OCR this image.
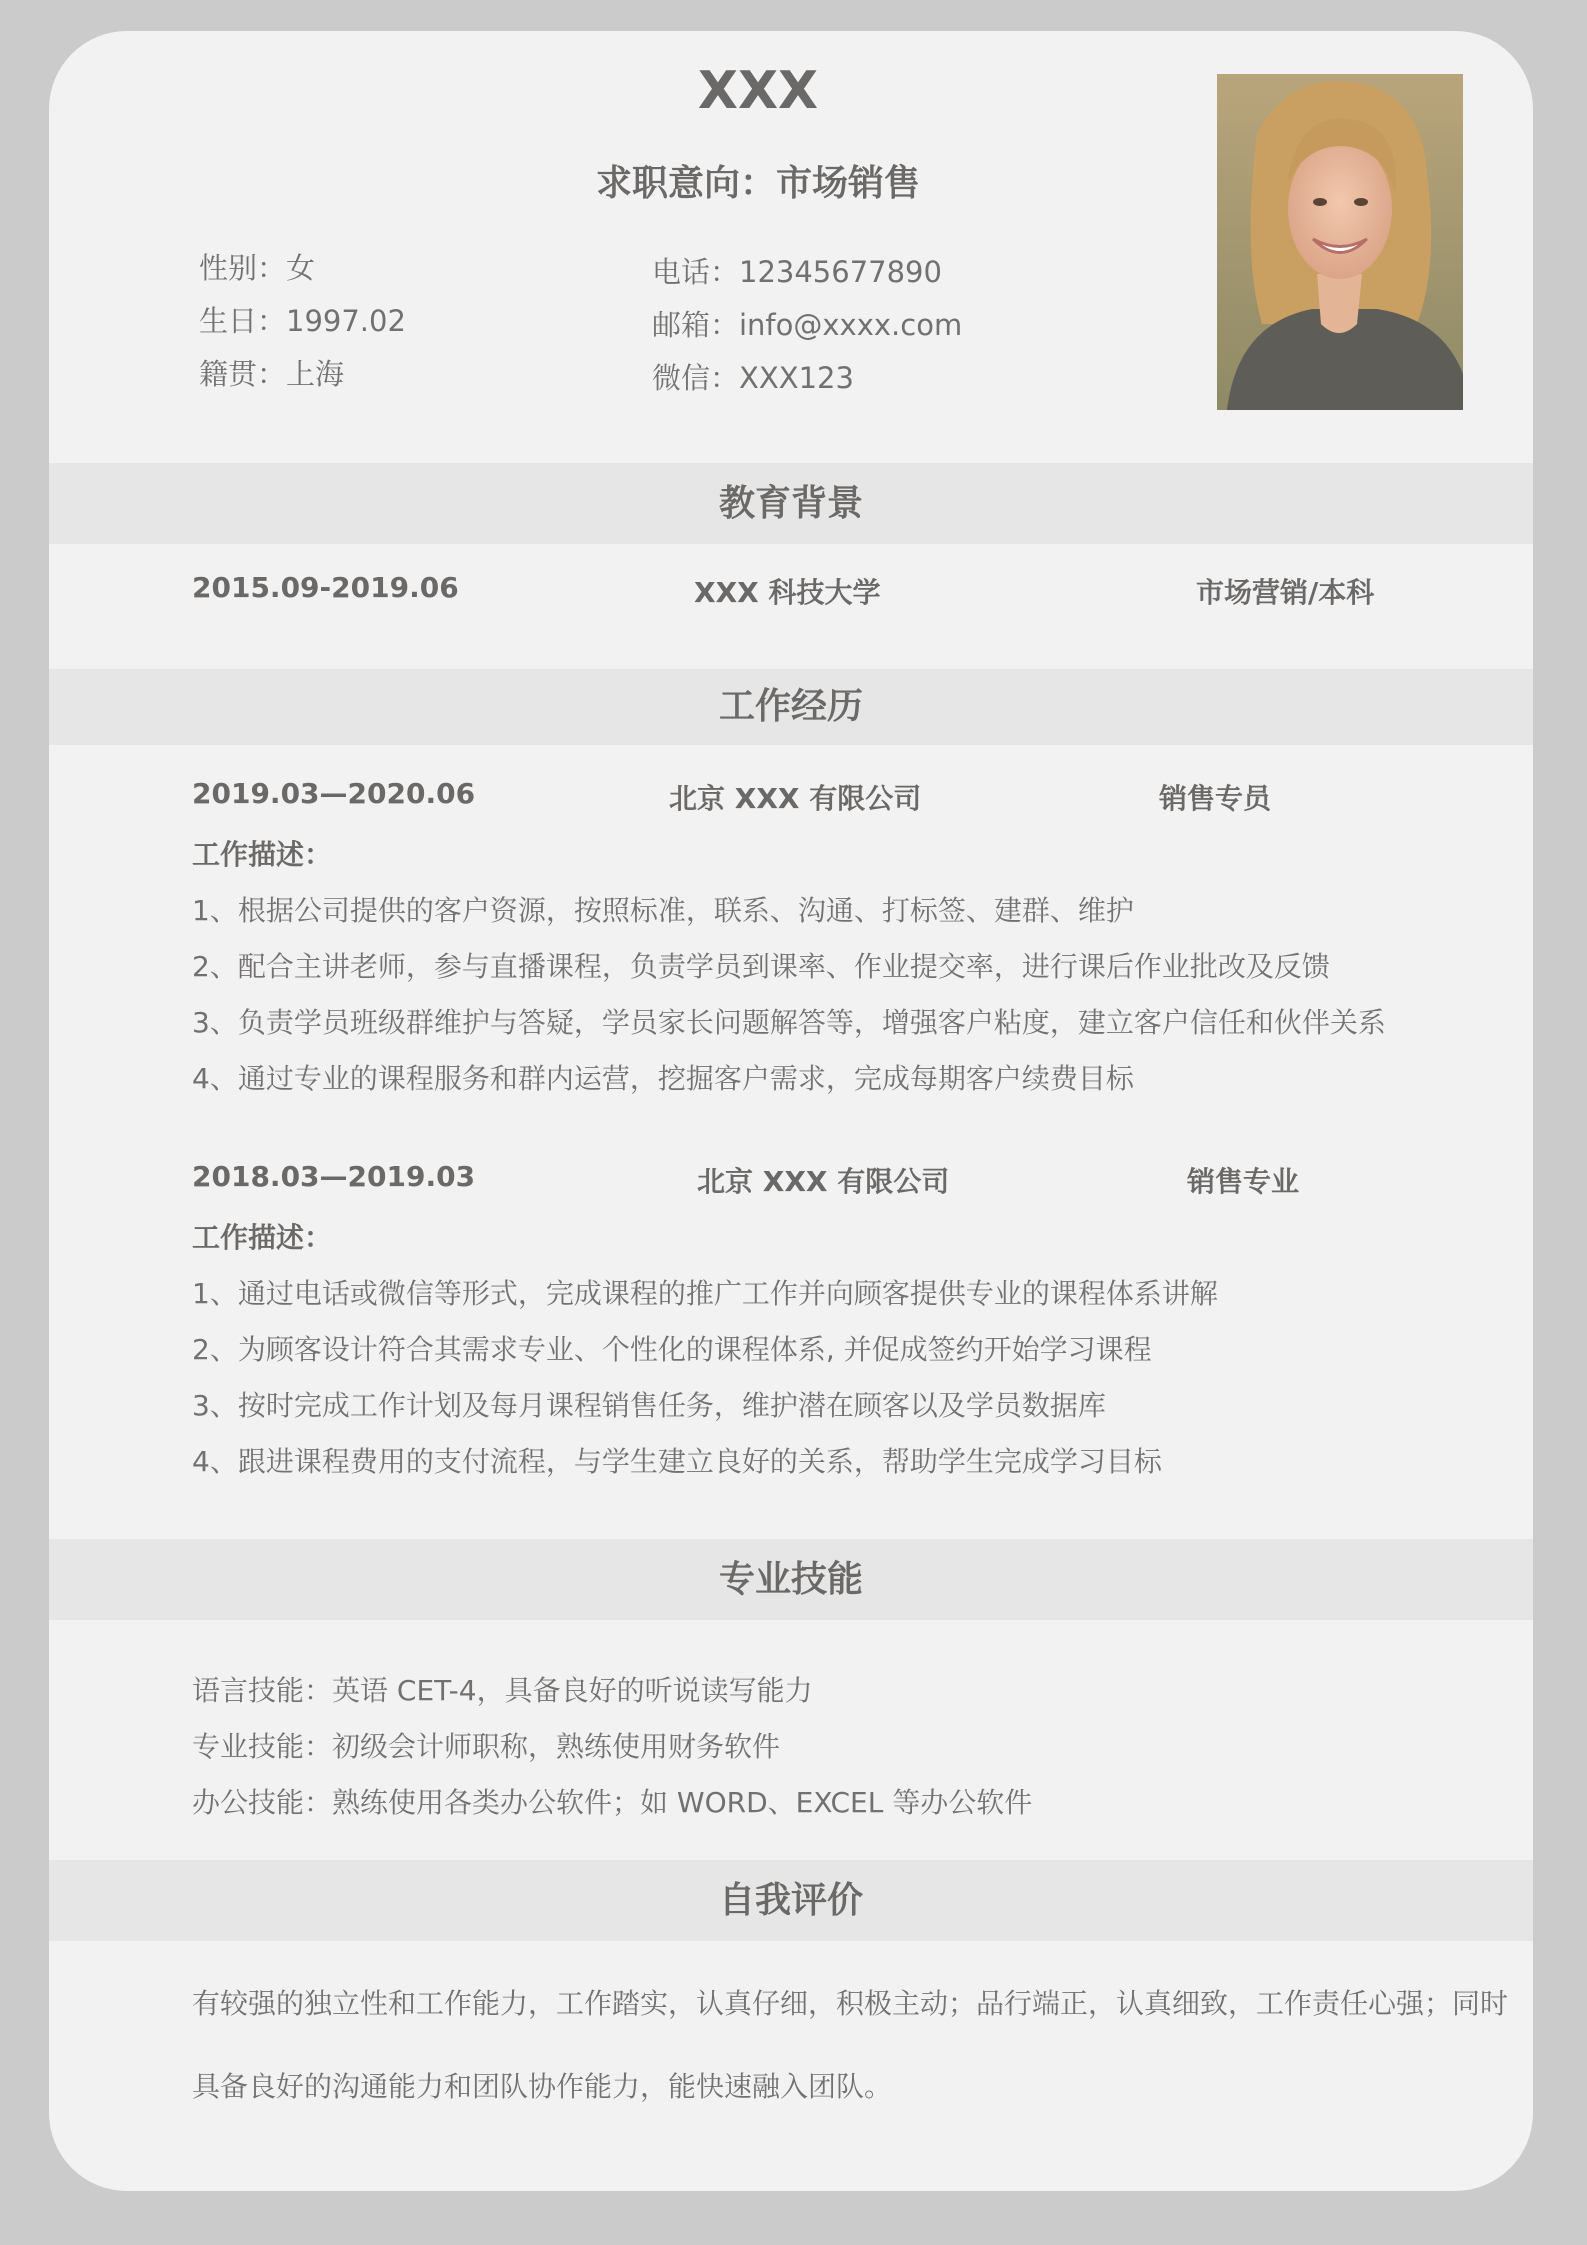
XXX
求职意向：市场销售
性别：女
生日：1997.02
籍贯：上海
电话：12345677890
邮箱：info@xxxx.com
微信：XXX123
教育背景
2015.09-2019.06	XXX 科技大学	市场营销/本科
工作经历
2019.03—2020.06	北京 XXX 有限公司	销售专员
工作描述：
1、根据公司提供的客户资源，按照标准，联系、沟通、打标签、建群、维护
2、配合主讲老师，参与直播课程，负责学员到课率、作业提交率，进行课后作业批改及反馈
3、负责学员班级群维护与答疑，学员家长问题解答等，增强客户粘度，建立客户信任和伙伴关系
4、通过专业的课程服务和群内运营，挖掘客户需求，完成每期客户续费目标
2018.03—2019.03	北京 XXX 有限公司	销售专业
工作描述：
1、通过电话或微信等形式，完成课程的推广工作并向顾客提供专业的课程体系讲解
2、为顾客设计符合其需求专业、个性化的课程体系, 并促成签约开始学习课程
3、按时完成工作计划及每月课程销售任务，维护潜在顾客以及学员数据库
4、跟进课程费用的支付流程，与学生建立良好的关系，帮助学生完成学习目标
专业技能
语言技能：英语 CET-4，具备良好的听说读写能力
专业技能：初级会计师职称，熟练使用财务软件
办公技能：熟练使用各类办公软件；如 WORD、EXCEL 等办公软件
自我评价
有较强的独立性和工作能力，工作踏实，认真仔细，积极主动；品行端正，认真细致，工作责任心强；同时
具备良好的沟通能力和团队协作能力，能快速融入团队。
